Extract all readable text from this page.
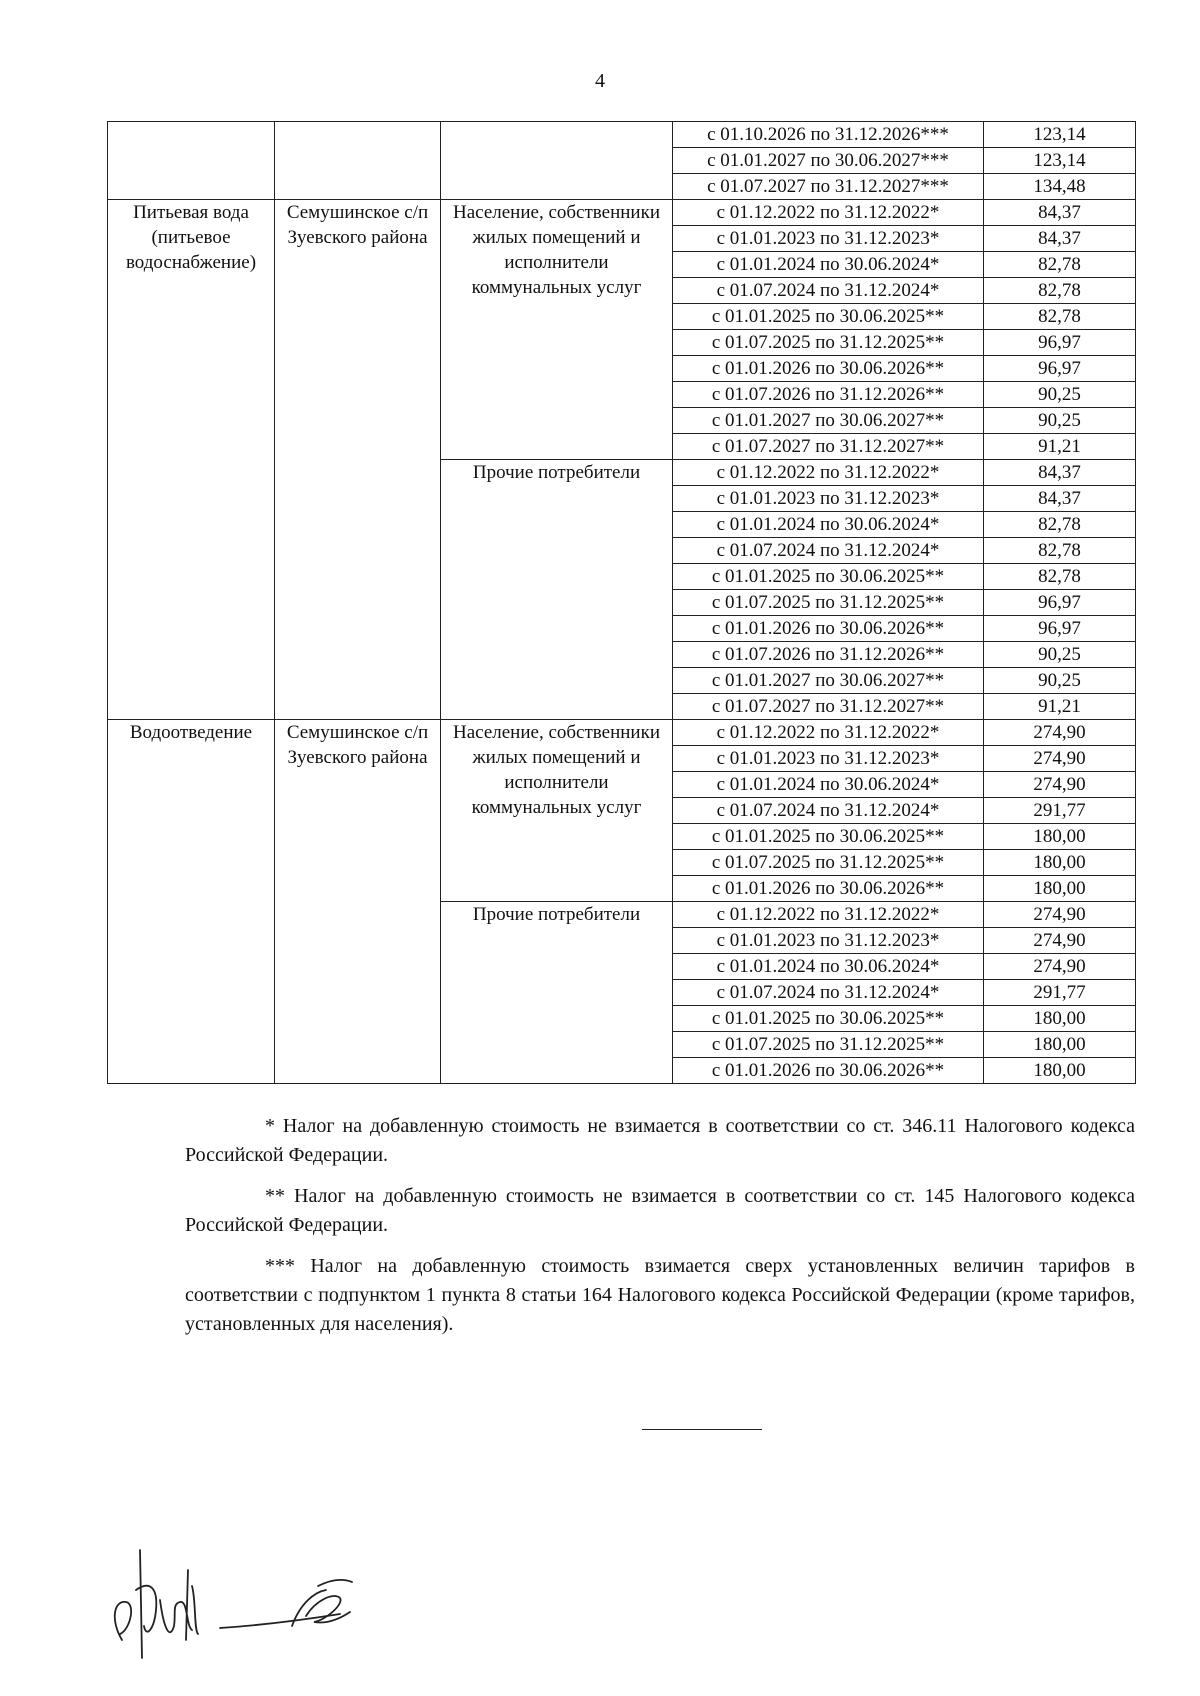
4
			с 01.10.2026 по 31.12.2026***	123,14
			с 01.01.2027 по 30.06.2027***	123,14
			с 01.07.2027 по 31.12.2027***	134,48
Питьевая вода (питьевое водоснабжение)	Семушинское с/п Зуевского района	Население, собственники жилых помещений и исполнители коммунальных услуг	с 01.12.2022 по 31.12.2022*	84,37
			с 01.01.2023 по 31.12.2023*	84,37
			с 01.01.2024 по 30.06.2024*	82,78
			с 01.07.2024 по 31.12.2024*	82,78
			с 01.01.2025 по 30.06.2025**	82,78
			с 01.07.2025 по 31.12.2025**	96,97
			с 01.01.2026 по 30.06.2026**	96,97
			с 01.07.2026 по 31.12.2026**	90,25
			с 01.01.2027 по 30.06.2027**	90,25
			с 01.07.2027 по 31.12.2027**	91,21
		Прочие потребители	с 01.12.2022 по 31.12.2022*	84,37
			с 01.01.2023 по 31.12.2023*	84,37
			с 01.01.2024 по 30.06.2024*	82,78
			с 01.07.2024 по 31.12.2024*	82,78
			с 01.01.2025 по 30.06.2025**	82,78
			с 01.07.2025 по 31.12.2025**	96,97
			с 01.01.2026 по 30.06.2026**	96,97
			с 01.07.2026 по 31.12.2026**	90,25
			с 01.01.2027 по 30.06.2027**	90,25
			с 01.07.2027 по 31.12.2027**	91,21
Водоотведение	Семушинское с/п Зуевского района	Население, собственники жилых помещений и исполнители коммунальных услуг	с 01.12.2022 по 31.12.2022*	274,90
			с 01.01.2023 по 31.12.2023*	274,90
			с 01.01.2024 по 30.06.2024*	274,90
			с 01.07.2024 по 31.12.2024*	291,77
			с 01.01.2025 по 30.06.2025**	180,00
			с 01.07.2025 по 31.12.2025**	180,00
			с 01.01.2026 по 30.06.2026**	180,00
		Прочие потребители	с 01.12.2022 по 31.12.2022*	274,90
			с 01.01.2023 по 31.12.2023*	274,90
			с 01.01.2024 по 30.06.2024*	274,90
			с 01.07.2024 по 31.12.2024*	291,77
			с 01.01.2025 по 30.06.2025**	180,00
			с 01.07.2025 по 31.12.2025**	180,00
			с 01.01.2026 по 30.06.2026**	180,00

* Налог на добавленную стоимость не взимается в соответствии со ст. 346.11 Налогового кодекса Российской Федерации.

** Налог на добавленную стоимость не взимается в соответствии со ст. 145 Налогового кодекса Российской Федерации.

*** Налог на добавленную стоимость взимается сверх установленных величин тарифов в соответствии с подпунктом 1 пункта 8 статьи 164 Налогового кодекса Российской Федерации (кроме тарифов, установленных для населения).
